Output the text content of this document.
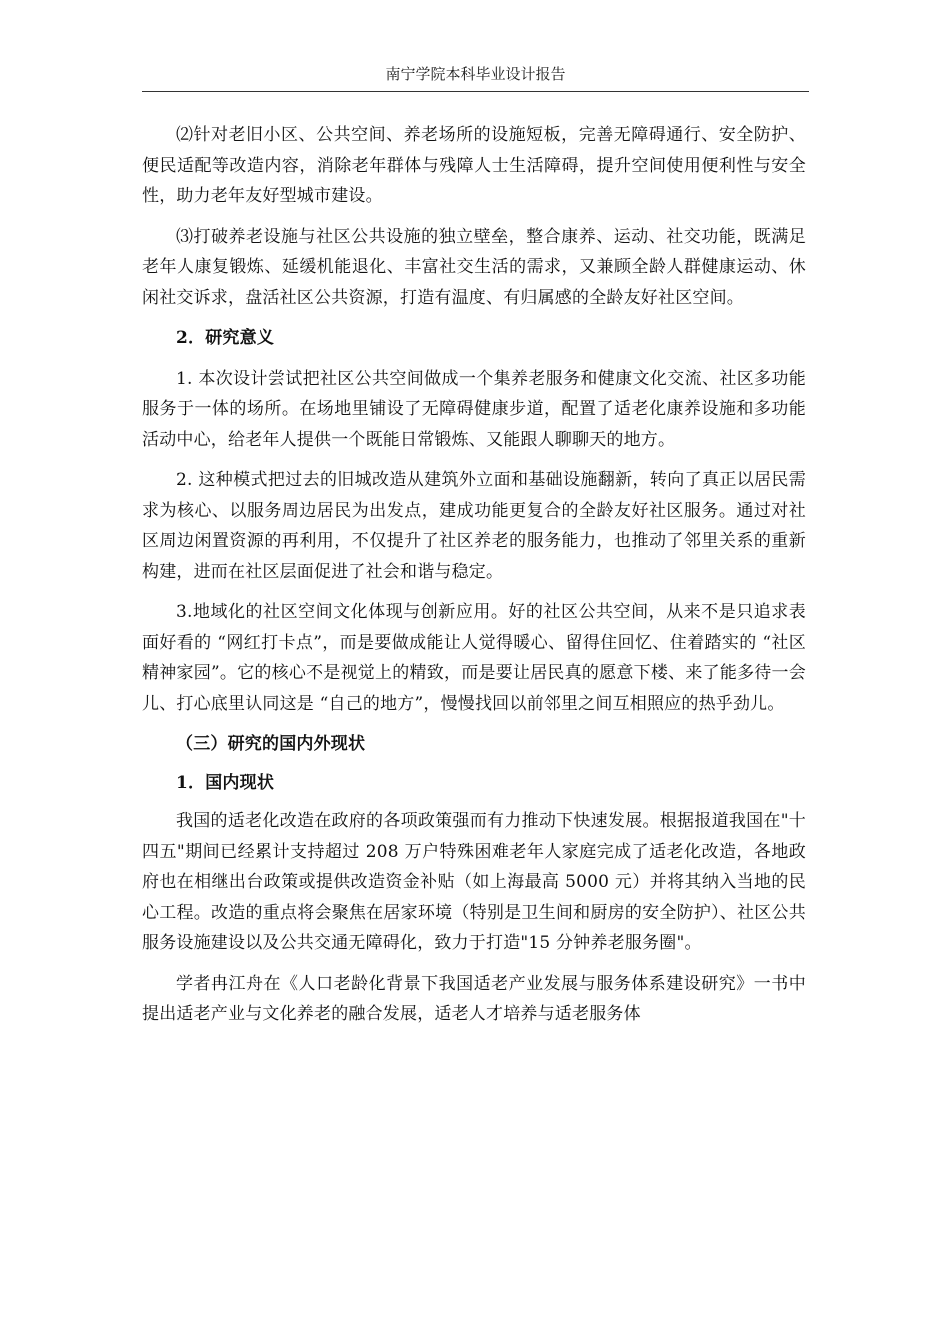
南宁学院本科毕业设计报告

⑵针对老旧小区、公共空间、养老场所的设施短板，完善无障碍通行、安全防护、便民适配等改造内容，消除老年群体与残障人士生活障碍，提升空间使用便利性与安全性，助力老年友好型城市建设。

⑶打破养老设施与社区公共设施的独立壁垒，整合康养、运动、社交功能，既满足老年人康复锻炼、延缓机能退化、丰富社交生活的需求，又兼顾全龄人群健康运动、休闲社交诉求，盘活社区公共资源，打造有温度、有归属感的全龄友好社区空间。

2．研究意义

1. 本次设计尝试把社区公共空间做成一个集养老服务和健康文化交流、社区多功能服务于一体的场所。在场地里铺设了无障碍健康步道，配置了适老化康养设施和多功能活动中心，给老年人提供一个既能日常锻炼、又能跟人聊聊天的地方。

2. 这种模式把过去的旧城改造从建筑外立面和基础设施翻新，转向了真正以居民需求为核心、以服务周边居民为出发点，建成功能更复合的全龄友好社区服务。通过对社区周边闲置资源的再利用，不仅提升了社区养老的服务能力，也推动了邻里关系的重新构建，进而在社区层面促进了社会和谐与稳定。

3.地域化的社区空间文化体现与创新应用。好的社区公共空间，从来不是只追求表面好看的 “网红打卡点”，而是要做成能让人觉得暖心、留得住回忆、住着踏实的 “社区精神家园”。它的核心不是视觉上的精致，而是要让居民真的愿意下楼、来了能多待一会儿、打心底里认同这是 “自己的地方”，慢慢找回以前邻里之间互相照应的热乎劲儿。

（三）研究的国内外现状

1．国内现状

我国的适老化改造在政府的各项政策强而有力推动下快速发展。根据报道我国在"十四五"期间已经累计支持超过 208 万户特殊困难老年人家庭完成了适老化改造，各地政府也在相继出台政策或提供改造资金补贴（如上海最高 5000 元）并将其纳入当地的民心工程。改造的重点将会聚焦在居家环境（特别是卫生间和厨房的安全防护）、社区公共服务设施建设以及公共交通无障碍化，致力于打造"15 分钟养老服务圈"。

学者冉江舟在《人口老龄化背景下我国适老产业发展与服务体系建设研究》一书中提出适老产业与文化养老的融合发展，适老人才培养与适老服务体
